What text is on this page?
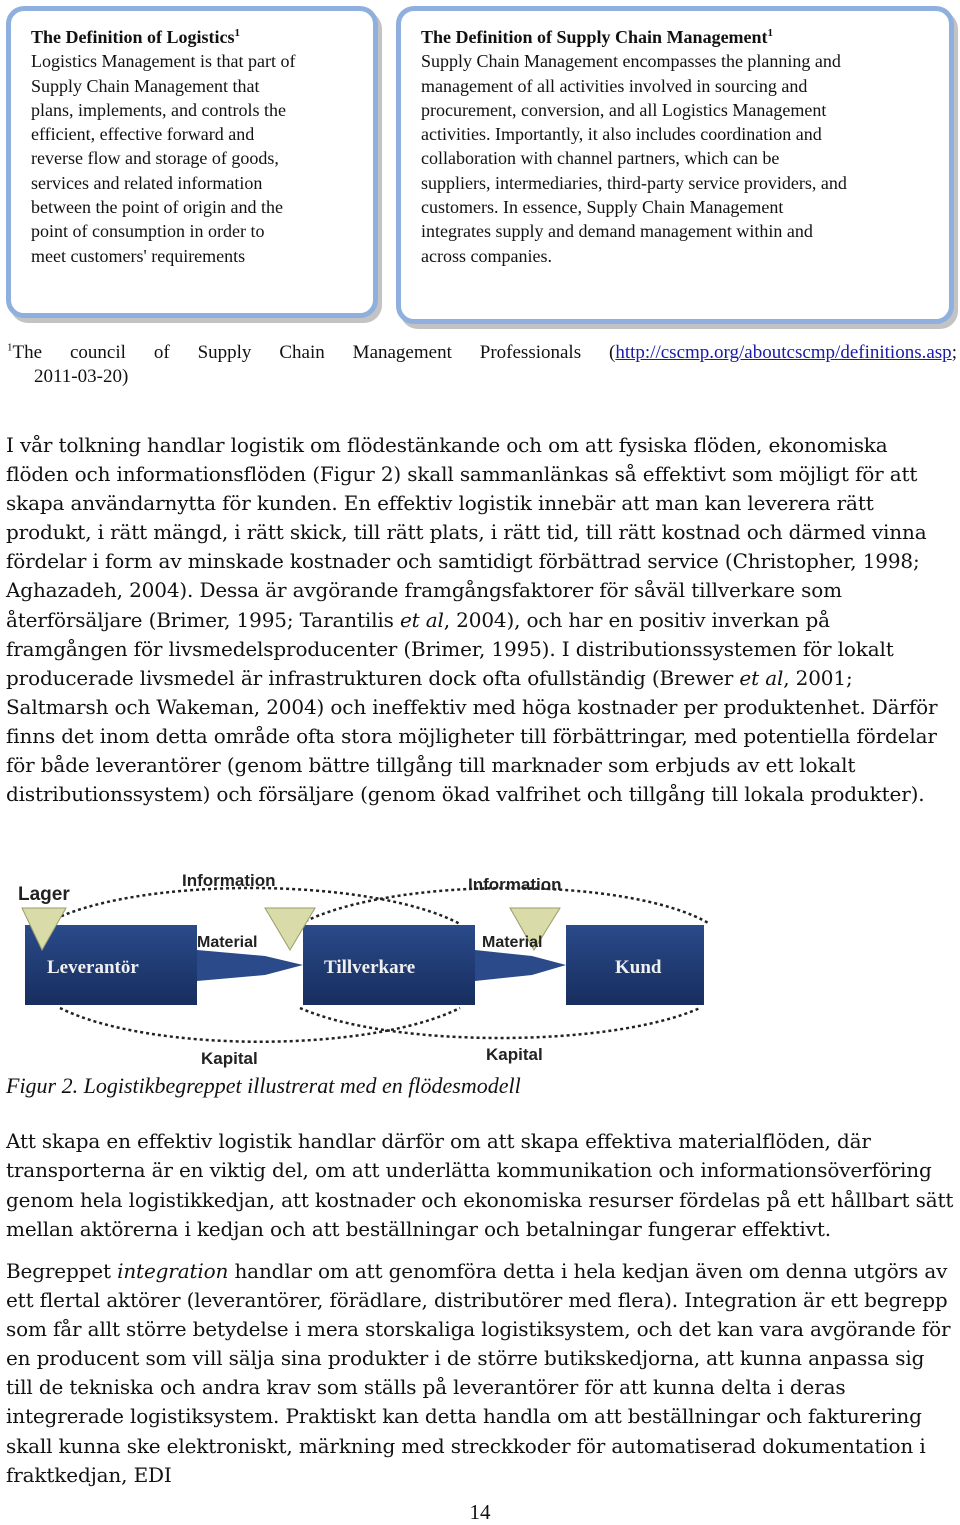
The Definition of Logistics$^1$
Logistics Management is that part of
Supply Chain Management that
plans, implements, and controls the
efficient, effective forward and
reverse flow and storage of goods,
services and related information
between the point of origin and the
point of consumption in order to
meet customers' requirements
The Definition of Supply Chain Management$^1$
Supply Chain Management encompasses the planning and
management of all activities involved in sourcing and
procurement, conversion, and all Logistics Management
activities. Importantly, it also includes coordination and
collaboration with channel partners, which can be
suppliers, intermediaries, third-party service providers, and
customers. In essence, Supply Chain Management
integrates supply and demand management within and
across companies.
$^1$The council of Supply Chain Management Professionals (http://cscmp.org/aboutcscmp/definitions.asp;
2011-03-20)

I vår tolkning handlar logistik om flödestänkande och om att fysiska flöden, ekonomiska flöden och informationsflöden (Figur 2) skall sammanlänkas så effektivt som möjligt för att skapa användarnytta för kunden. En effektiv logistik innebär att man kan leverera rätt produkt, i rätt mängd, i rätt skick, till rätt plats, i rätt tid, till rätt kostnad och därmed vinna fördelar i form av minskade kostnader och samtidigt förbättrad service (Christopher, 1998; Aghazadeh, 2004). Dessa är avgörande framgångsfaktorer för såväl tillverkare som återförsäljare (Brimer, 1995; Tarantilis et al, 2004), och har en positiv inverkan på framgången för livsmedelsproducenter (Brimer, 1995). I distributionssystemen för lokalt producerade livsmedel är infrastrukturen dock ofta ofullständig (Brewer et al, 2001; Saltmarsh och Wakeman, 2004) och ineffektiv med höga kostnader per produktenhet. Därför finns det inom detta område ofta stora möjligheter till förbättringar, med potentiella fördelar för både leverantörer (genom bättre tillgång till marknader som erbjuds av ett lokalt distributionssystem) och försäljare (genom ökad valfrihet och tillgång till lokala produkter).

Lager
Information	Information
Material	Material
Kapital	Kapital
Leverantör	Tillverkare	Kund
Figur 2. Logistikbegreppet illustrerat med en flödesmodell

Att skapa en effektiv logistik handlar därför om att skapa effektiva materialflöden, där transporterna är en viktig del, om att underlätta kommunikation och informationsöverföring genom hela logistikkedjan, att kostnader och ekonomiska resurser fördelas på ett hållbart sätt mellan aktörerna i kedjan och att beställningar och betalningar fungerar effektivt.

Begreppet integration handlar om att genomföra detta i hela kedjan även om denna utgörs av ett flertal aktörer (leverantörer, förädlare, distributörer med flera). Integration är ett begrepp som får allt större betydelse i mera storskaliga logistiksystem, och det kan vara avgörande för en producent som vill sälja sina produkter i de större butikskedjorna, att kunna anpassa sig till de tekniska och andra krav som ställs på leverantörer för att kunna delta i deras integrerade logistiksystem. Praktiskt kan detta handla om att beställningar och fakturering skall kunna ske elektroniskt, märkning med streckkoder för automatiserad dokumentation i fraktkedjan, EDI

14
